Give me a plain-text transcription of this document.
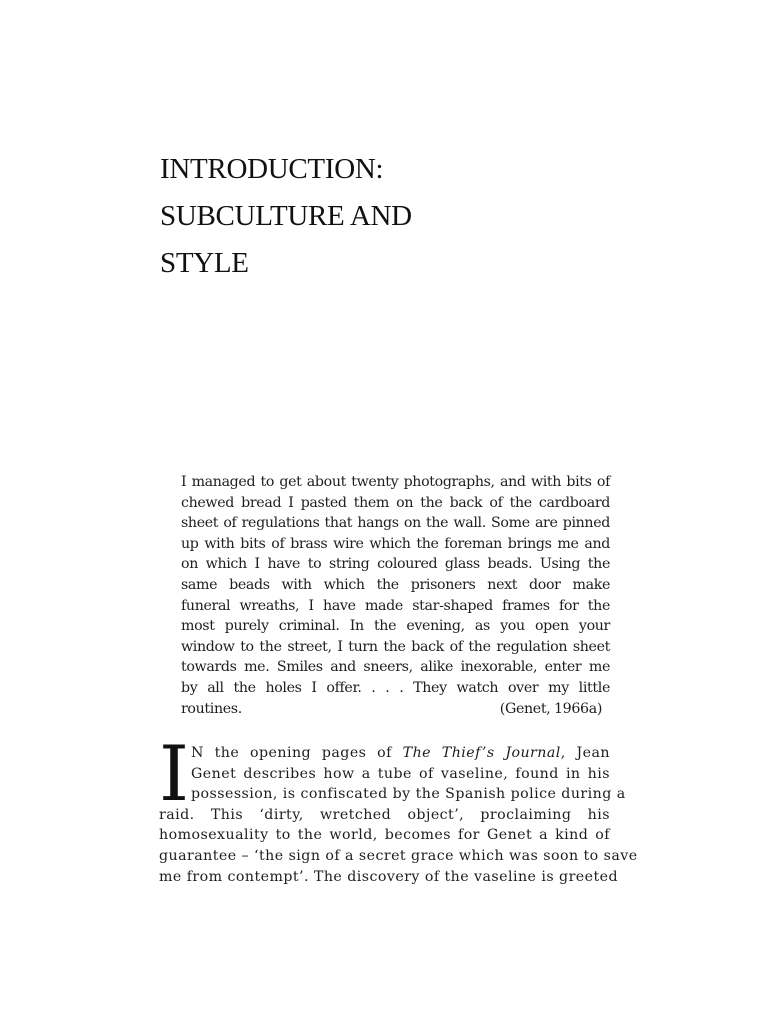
INTRODUCTION:
SUBCULTURE AND
STYLE
I managed to get about twenty photographs, and with bits of
chewed bread I pasted them on the back of the cardboard
sheet of regulations that hangs on the wall. Some are pinned
up with bits of brass wire which the foreman brings me and
on which I have to string coloured glass beads. Using the
same beads with which the prisoners next door make
funeral wreaths, I have made star-shaped frames for the
most purely criminal. In the evening, as you open your
window to the street, I turn the back of the regulation sheet
towards me. Smiles and sneers, alike inexorable, enter me
by all the holes I offer. . . . They watch over my little
routines.	(Genet, 1966a)
I N the opening pages of The Thief’s Journal, Jean
Genet describes how a tube of vaseline, found in his
possession, is confiscated by the Spanish police during a
raid. This ‘dirty, wretched object’, proclaiming his
homosexuality to the world, becomes for Genet a kind of
guarantee – ‘the sign of a secret grace which was soon to save
me from contempt’. The discovery of the vaseline is greeted
